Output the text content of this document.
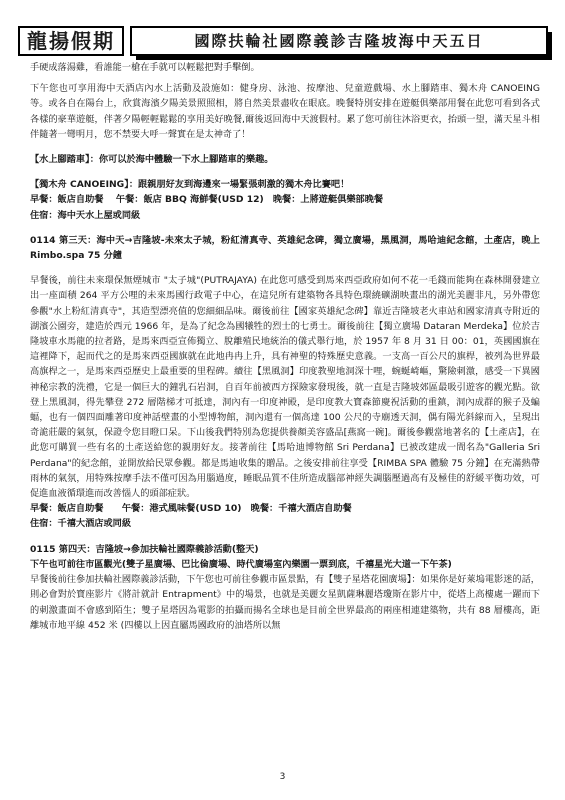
龍揚假期	國際扶輪社國際義診吉隆坡海中天五日

手硬成落湯雞，看誰能一槍在手就可以輕鬆把對手擊倒。

下午您也可享用海中天酒店內水上活動及設施如：健身房、泳池、按摩池、兒童遊戲場、水上腳踏車、獨木舟 CANOEING 等。或各自在陽台上，欣賞海濱夕陽美景照照相，將自然美景盡收在眼底。晚餐特別安排在遊艇俱樂部用餐在此您可看到各式各樣的豪華遊艇，伴著夕陽輕輕鬆鬆的享用美好晚餐,爾後返回海中天渡假村。累了您可前往沐浴更衣，抬頭一望，滿天星斗相伴隨著一彎明月，您不禁要大呼一聲實在是太神奇了！

【水上腳踏車】：你可以於海中體驗一下水上腳踏車的樂趣。

【獨木舟 CANOEING】：跟親朋好友到海邊來一場緊張刺激的獨木舟比賽吧！

早餐：飯店自助餐　 午餐：飯店 BBQ 海鮮餐(USD 12)　晚餐：上將遊艇俱樂部晚餐

住宿：海中天水上屋或同級

0114 第三天：海中天→吉隆坡-未來太子城，粉紅清真寺、英雄紀念碑，獨立廣場，黑風洞，馬哈迪紀念館，土產店，晚上 Rimbo.spa 75 分鐘

早餐後，前往未來環保無煙城市 "太子城"(PUTRAJAYA) 在此您可感受到馬來西亞政府如何不花一毛錢而能夠在森林開發建立出一座面積 264 平方公哩的未來馬國行政電子中心，在這兒所有建築物各具特色環繞礦湖映畫出的湖光美麗非凡，另外帶您參觀"水上粉紅清真寺"，其造型漂亮值的您細細品味。爾後前往【國家英雄紀念碑】靠近吉隆坡老火車站和國家清真寺附近的湖濱公園旁，建造於西元 1966 年，是為了紀念為國犧牲的烈士的七勇士。爾後前往【獨立廣場 Dataran Merdeka】位於吉隆坡車水馬龍的拉者路，是馬來西亞宣佈獨立、脫離殖民地統治的儀式舉行地，於 1957 年 8 月 31 日 00：01，英國國旗在這裡降下，起而代之的是馬來西亞國旗就在此地冉冉上升，具有神聖的特殊歷史意義。一支高一百公尺的旗桿，被列為世界最高旗桿之一，是馬來西亞歷史上最重要的里程碑。續往【黑風洞】印度教聖地洞深十哩，蜿蜒崎嶇，驚險刺激，感受一下異國神秘宗教的洗禮，它是一個巨大的鐘乳石岩洞，自百年前被西方探險家發現後，就一直是吉隆坡郊區最吸引遊客的觀光點。欲登上黑風洞，得先攀登 272 層階梯才可抵達，洞內有一印度神殿，是印度教大寶森節慶祝活動的重鎮，洞內成群的猴子及蝙蝠，也有一個四面雕著印度神話壁畫的小型博物館，洞內還有一個高達 100 公尺的寺廟透天洞，偶有陽光斜線而入，呈現出奇詭莊嚴的氣氛，保證令您目瞪口呆。下山後我們特別為您提供養顏美容盛品[燕窩一碗]。爾後參觀當地著名的【土產店】，在此您可購買一些有名的土產送給您的親朋好友。接著前往【馬哈迪博物館 Sri Perdana】已被改建成一間名為"Galleria Sri Perdana"的紀念館，並開放給民眾參觀。都是馬迪收集的贈品。之後安排前往享受【RIMBA SPA 體驗 75 分鐘】在充滿熱帶雨林的氣氛，用特殊按摩手法不僅可因為用腦過度，睡眠品質不佳所造成腦部神經失調腦壓過高有及極佳的舒緩平衡功效，可促進血液循環進而改善惱人的頭部症狀。

早餐：飯店自助餐　　午餐：港式風味餐(USD 10)　晚餐：千禧大酒店自助餐

住宿：千禧大酒店或同級

0115 第四天：吉隆坡→參加扶輪社國際義診活動(整天)

下午也可前往市區觀光(雙子星廣場、巴比倫廣場、時代廣場室內樂園一票到底，千禧星光大道一下午茶)

早餐後前往參加扶輪社國際義診活動，下午您也可前往參觀市區景點，有【雙子星塔花園廣場】：如果你是好萊塢電影迷的話，則必會對於寶座影片《將計就計 Entrapment》中的場景，也就是美麗女星凱薩琳麗塔瓊斯在影片中，從塔上高樓處一躍而下的刺激畫面不會感到陌生；雙子星塔因為電影的拍攝而揚名全球也是目前全世界最高的兩座相連建築物，共有 88 層樓高，距離城市地平線 452 米 (四樓以上因直屬馬國政府的油塔所以無

3
